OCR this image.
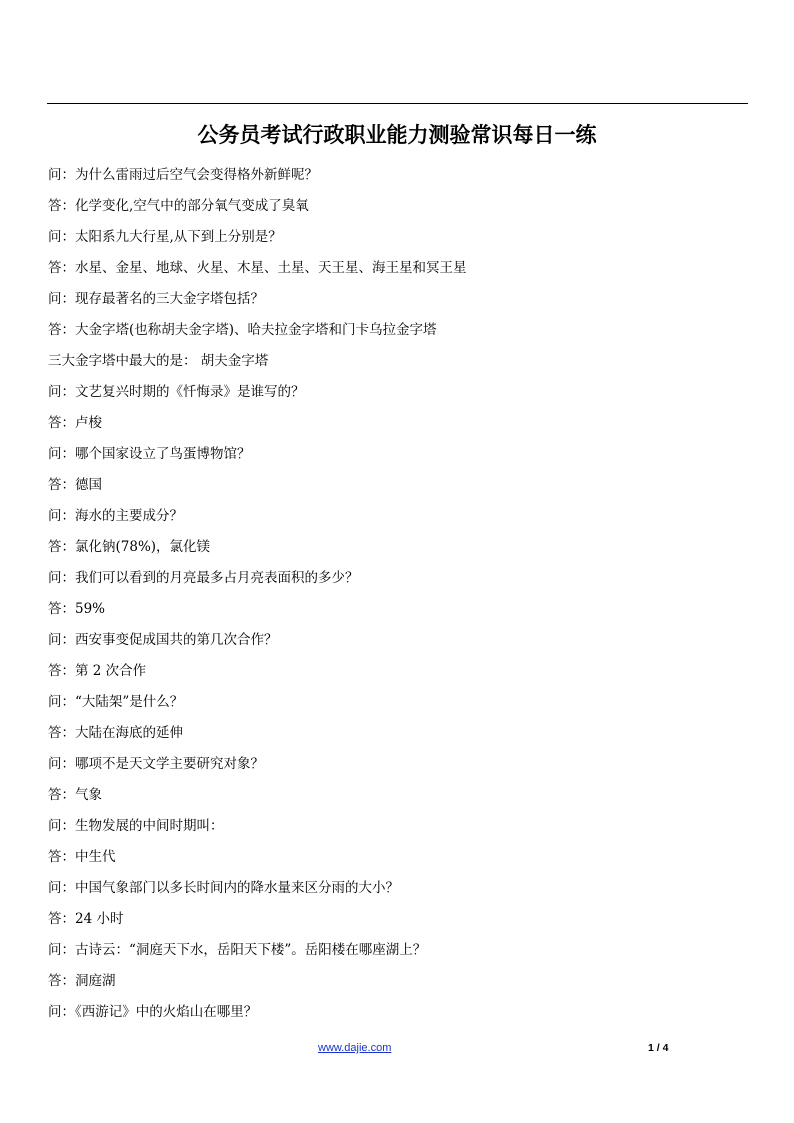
公务员考试行政职业能力测验常识每日一练
问：为什么雷雨过后空气会变得格外新鲜呢？
答：化学变化,空气中的部分氧气变成了臭氧
问：太阳系九大行星,从下到上分别是？
答：水星、金星、地球、火星、木星、土星、天王星、海王星和冥王星
问：现存最著名的三大金字塔包括？
答：大金字塔(也称胡夫金字塔)、哈夫拉金字塔和门卡乌拉金字塔
三大金字塔中最大的是： 胡夫金字塔
问：文艺复兴时期的《忏悔录》是谁写的？
答：卢梭
问：哪个国家设立了鸟蛋博物馆？
答：德国
问：海水的主要成分？
答：氯化钠(78%)，氯化镁
问：我们可以看到的月亮最多占月亮表面积的多少？
答：59%
问：西安事变促成国共的第几次合作？
答：第 2 次合作
问：“大陆架”是什么？
答：大陆在海底的延伸
问：哪项不是天文学主要研究对象？
答：气象
问：生物发展的中间时期叫：
答：中生代
问：中国气象部门以多长时间内的降水量来区分雨的大小？
答：24 小时
问：古诗云：“洞庭天下水，岳阳天下楼”。岳阳楼在哪座湖上？
答：洞庭湖
问：《西游记》中的火焰山在哪里？
www.dajie.com	1 / 4
